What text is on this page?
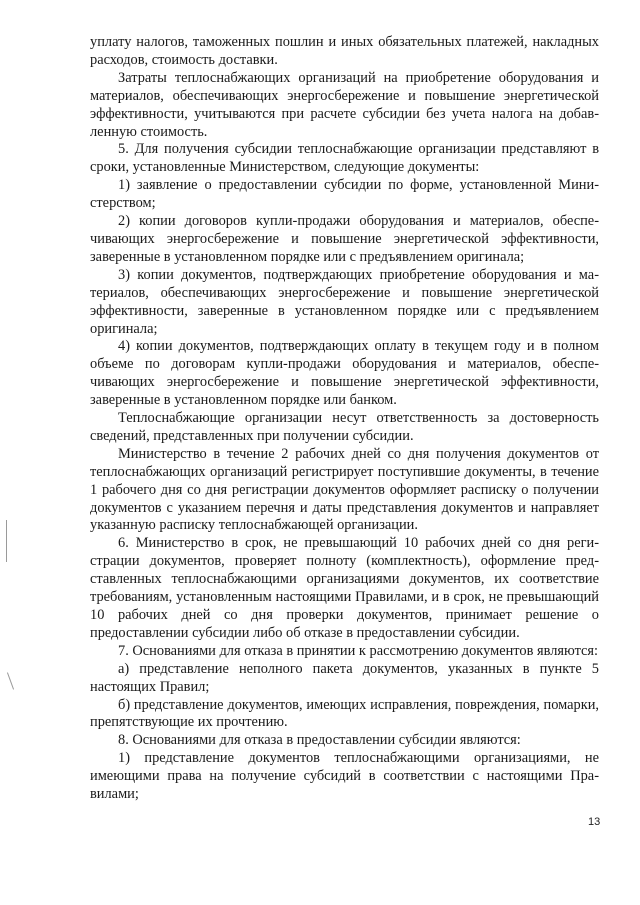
уплату налогов, таможенных пошлин и иных обязательных платежей, накладных расходов, стоимость доставки.

Затраты теплоснабжающих организаций на приобретение оборудования и материалов, обеспечивающих энергосбережение и повышение энергетической эффективности, учитываются при расчете субсидии без учета налога на добавленную стоимость.

5. Для получения субсидии теплоснабжающие организации представляют в сроки, установленные Министерством, следующие документы:

1) заявление о предоставлении субсидии по форме, установленной Министерством;

2) копии договоров купли-продажи оборудования и материалов, обеспечивающих энергосбережение и повышение энергетической эффективности, заверенные в установленном порядке или с предъявлением оригинала;

3) копии документов, подтверждающих приобретение оборудования и материалов, обеспечивающих энергосбережение и повышение энергетической эффективности, заверенные в установленном порядке или с предъявлением оригинала;

4) копии документов, подтверждающих оплату в текущем году и в полном объеме по договорам купли-продажи оборудования и материалов, обеспечивающих энергосбережение и повышение энергетической эффективности, заверенные в установленном порядке или банком.

Теплоснабжающие организации несут ответственность за достоверность сведений, представленных при получении субсидии.

Министерство в течение 2 рабочих дней со дня получения документов от теплоснабжающих организаций регистрирует поступившие документы, в течение 1 рабочего дня со дня регистрации документов оформляет расписку о получении документов с указанием перечня и даты представления документов и направляет указанную расписку теплоснабжающей организации.

6. Министерство в срок, не превышающий 10 рабочих дней со дня регистрации документов, проверяет полноту (комплектность), оформление представленных теплоснабжающими организациями документов, их соответствие требованиям, установленным настоящими Правилами, и в срок, не превышающий 10 рабочих дней со дня проверки документов, принимает решение о предоставлении субсидии либо об отказе в предоставлении субсидии.

7. Основаниями для отказа в принятии к рассмотрению документов являются:

а) представление неполного пакета документов, указанных в пункте 5 настоящих Правил;

б) представление документов, имеющих исправления, повреждения, помарки, препятствующие их прочтению.

8. Основаниями для отказа в предоставлении субсидии являются:

1) представление документов теплоснабжающими организациями, не имеющими права на получение субсидий в соответствии с настоящими Правилами;

13
